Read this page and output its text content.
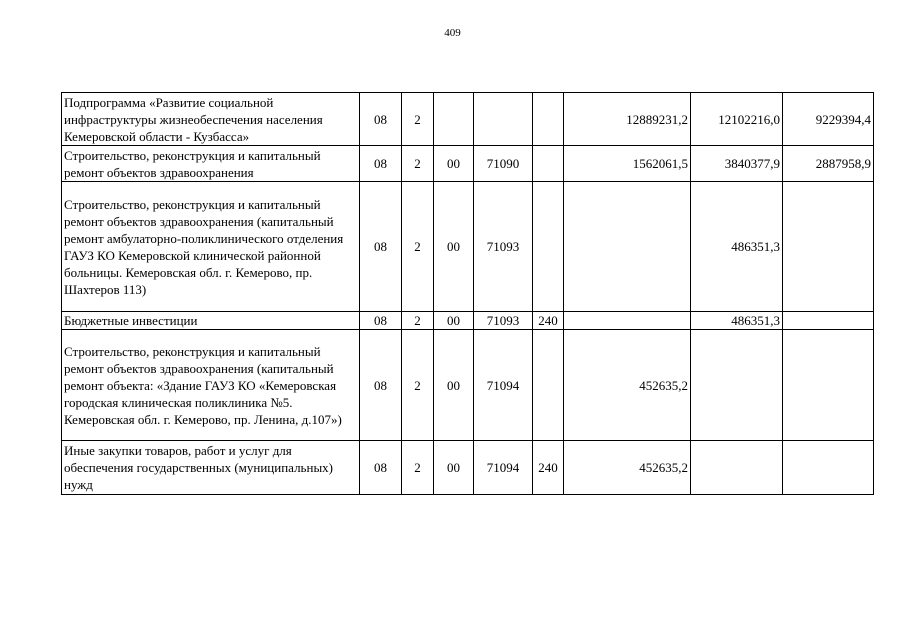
409
Подпрограмма «Развитие социальной инфраструктуры жизнеобеспечения населения Кемеровской области - Кузбасса»	08	2				12889231,2	12102216,0	9229394,4
Строительство, реконструкция и капитальный ремонт объектов здравоохранения	08	2	00	71090		1562061,5	3840377,9	2887958,9
Строительство, реконструкция и капитальный ремонт объектов здравоохранения (капитальный ремонт амбулаторно-поликлинического отделения ГАУЗ КО Кемеровской клинической районной больницы. Кемеровская обл. г. Кемерово, пр. Шахтеров 113)	08	2	00	71093			486351,3	
Бюджетные инвестиции	08	2	00	71093	240		486351,3	
Строительство, реконструкция и капитальный ремонт объектов здравоохранения (капитальный ремонт объекта: «Здание ГАУЗ КО «Кемеровская городская клиническая поликлиника №5. Кемеровская обл. г. Кемерово, пр. Ленина, д.107»)	08	2	00	71094		452635,2		
Иные закупки товаров, работ и услуг для обеспечения государственных (муниципальных) нужд	08	2	00	71094	240	452635,2		
